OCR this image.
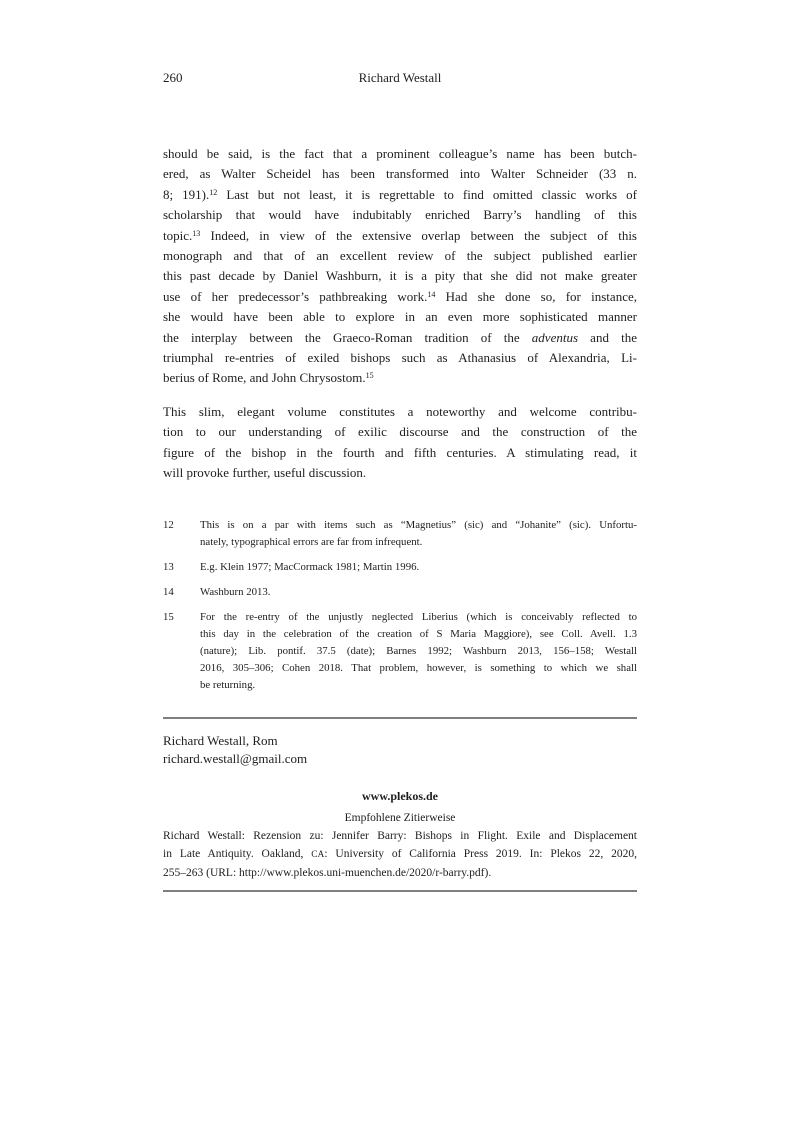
260	Richard Westall
should be said, is the fact that a prominent colleague’s name has been butch-
ered, as Walter Scheidel has been transformed into Walter Schneider (33 n.
8; 191).$^{12}$ Last but not least, it is regrettable to find omitted classic works of
scholarship that would have indubitably enriched Barry’s handling of this
topic.$^{13}$ Indeed, in view of the extensive overlap between the subject of this
monograph and that of an excellent review of the subject published earlier
this past decade by Daniel Washburn, it is a pity that she did not make greater
use of her predecessor’s pathbreaking work.$^{14}$ Had she done so, for instance,
she would have been able to explore in an even more sophisticated manner
the interplay between the Graeco-Roman tradition of the adventus and the
triumphal re-entries of exiled bishops such as Athanasius of Alexandria, Li-
berius of Rome, and John Chrysostom.$^{15}$
This slim, elegant volume constitutes a noteworthy and welcome contribu-
tion to our understanding of exilic discourse and the construction of the
figure of the bishop in the fourth and fifth centuries. A stimulating read, it
will provoke further, useful discussion.
12	This is on a par with items such as “Magnetius” (sic) and “Johanite” (sic). Unfortu-
nately, typographical errors are far from infrequent.
13	E.g. Klein 1977; MacCormack 1981; Martin 1996.
14	Washburn 2013.
15	For the re-entry of the unjustly neglected Liberius (which is conceivably reflected to
this day in the celebration of the creation of S Maria Maggiore), see Coll. Avell. 1.3
(nature); Lib. pontif. 37.5 (date); Barnes 1992; Washburn 2013, 156–158; Westall
2016, 305–306; Cohen 2018. That problem, however, is something to which we shall
be returning.
Richard Westall, Rom
richard.westall@gmail.com
www.plekos.de
Empfohlene Zitierweise
Richard Westall: Rezension zu: Jennifer Barry: Bishops in Flight. Exile and Displacement
in Late Antiquity. Oakland, CA: University of California Press 2019. In: Plekos 22, 2020,
255–263 (URL: http://www.plekos.uni-muenchen.de/2020/r-barry.pdf).
